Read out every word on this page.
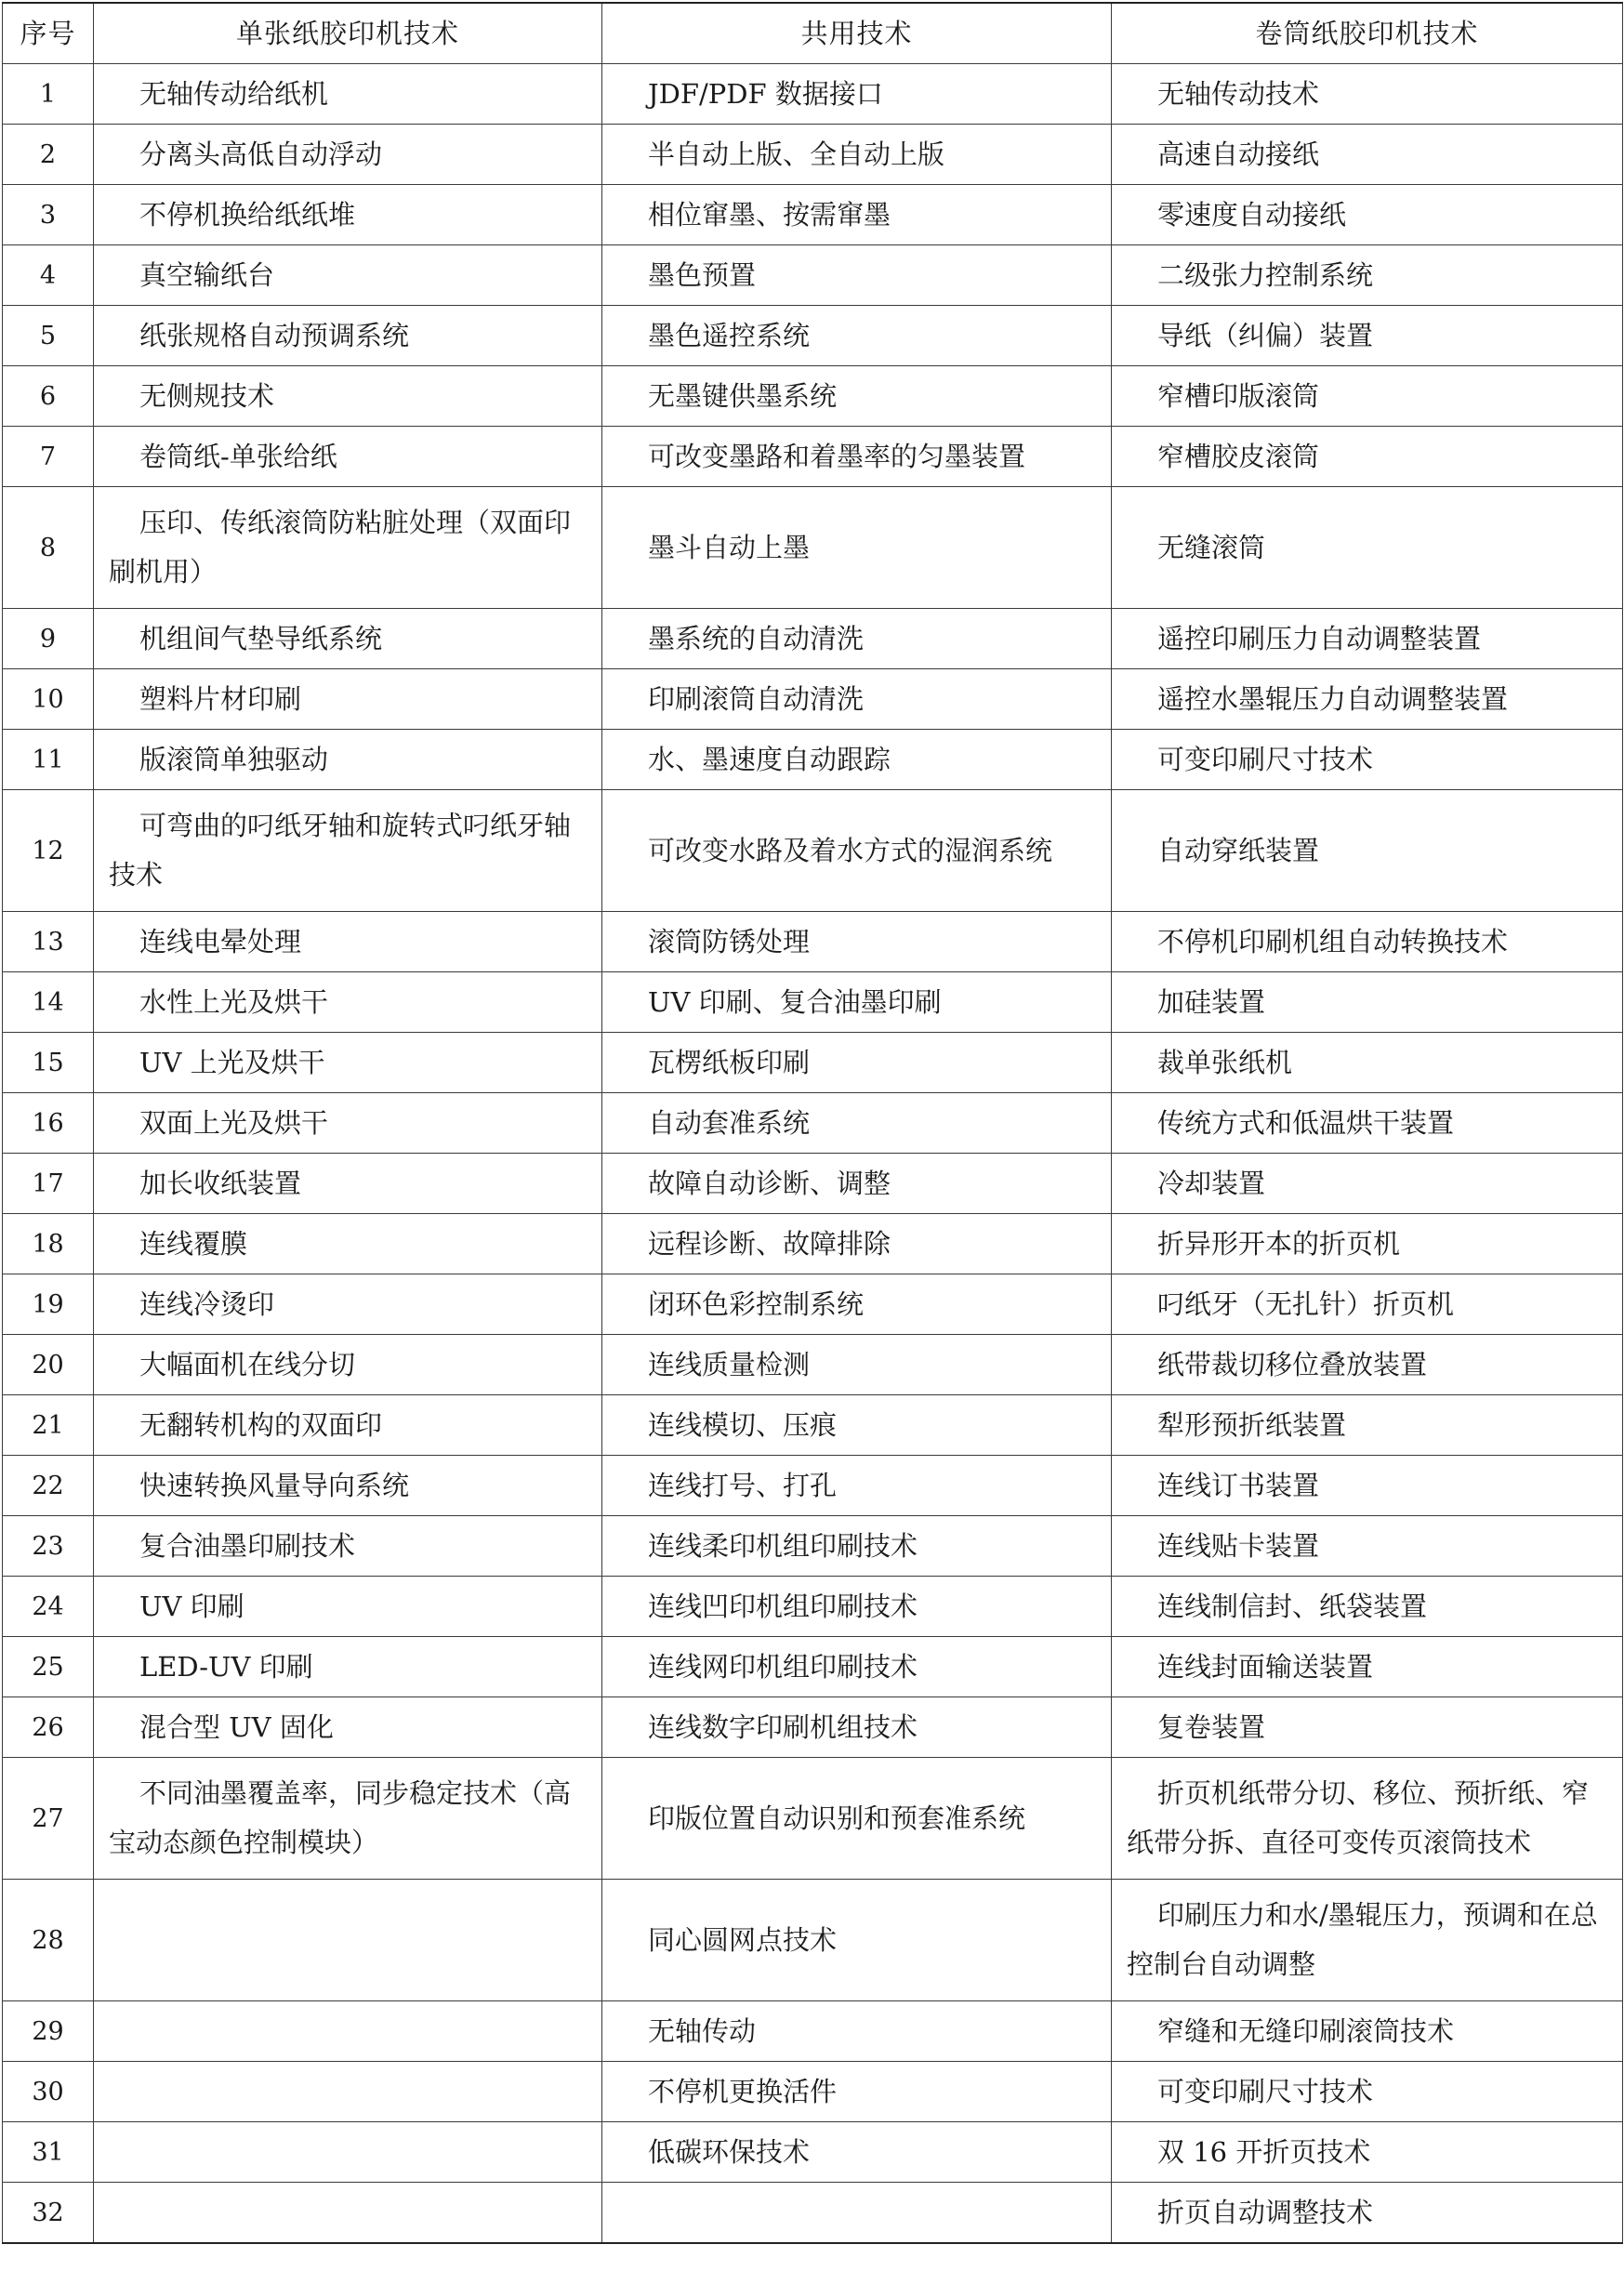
序号	单张纸胶印机技术	共用技术	卷筒纸胶印机技术
1	无轴传动给纸机	JDF/PDF 数据接口	无轴传动技术
2	分离头高低自动浮动	半自动上版、全自动上版	高速自动接纸
3	不停机换给纸纸堆	相位窜墨、按需窜墨	零速度自动接纸
4	真空输纸台	墨色预置	二级张力控制系统
5	纸张规格自动预调系统	墨色遥控系统	导纸（纠偏）装置
6	无侧规技术	无墨键供墨系统	窄槽印版滚筒
7	卷筒纸-单张给纸	可改变墨路和着墨率的匀墨装置	窄槽胶皮滚筒
8	压印、传纸滚筒防粘脏处理（双面印刷机用）	墨斗自动上墨	无缝滚筒
9	机组间气垫导纸系统	墨系统的自动清洗	遥控印刷压力自动调整装置
10	塑料片材印刷	印刷滚筒自动清洗	遥控水墨辊压力自动调整装置
11	版滚筒单独驱动	水、墨速度自动跟踪	可变印刷尺寸技术
12	可弯曲的叼纸牙轴和旋转式叼纸牙轴技术	可改变水路及着水方式的湿润系统	自动穿纸装置
13	连线电晕处理	滚筒防锈处理	不停机印刷机组自动转换技术
14	水性上光及烘干	UV 印刷、复合油墨印刷	加硅装置
15	UV 上光及烘干	瓦楞纸板印刷	裁单张纸机
16	双面上光及烘干	自动套准系统	传统方式和低温烘干装置
17	加长收纸装置	故障自动诊断、调整	冷却装置
18	连线覆膜	远程诊断、故障排除	折异形开本的折页机
19	连线冷烫印	闭环色彩控制系统	叼纸牙（无扎针）折页机
20	大幅面机在线分切	连线质量检测	纸带裁切移位叠放装置
21	无翻转机构的双面印	连线模切、压痕	犁形预折纸装置
22	快速转换风量导向系统	连线打号、打孔	连线订书装置
23	复合油墨印刷技术	连线柔印机组印刷技术	连线贴卡装置
24	UV 印刷	连线凹印机组印刷技术	连线制信封、纸袋装置
25	LED-UV 印刷	连线网印机组印刷技术	连线封面输送装置
26	混合型 UV 固化	连线数字印刷机组技术	复卷装置
27	不同油墨覆盖率，同步稳定技术（高宝动态颜色控制模块）	印版位置自动识别和预套准系统	折页机纸带分切、移位、预折纸、窄纸带分拆、直径可变传页滚筒技术
28		同心圆网点技术	印刷压力和水/墨辊压力，预调和在总控制台自动调整
29		无轴传动	窄缝和无缝印刷滚筒技术
30		不停机更换活件	可变印刷尺寸技术
31		低碳环保技术	双 16 开折页技术
32			折页自动调整技术
